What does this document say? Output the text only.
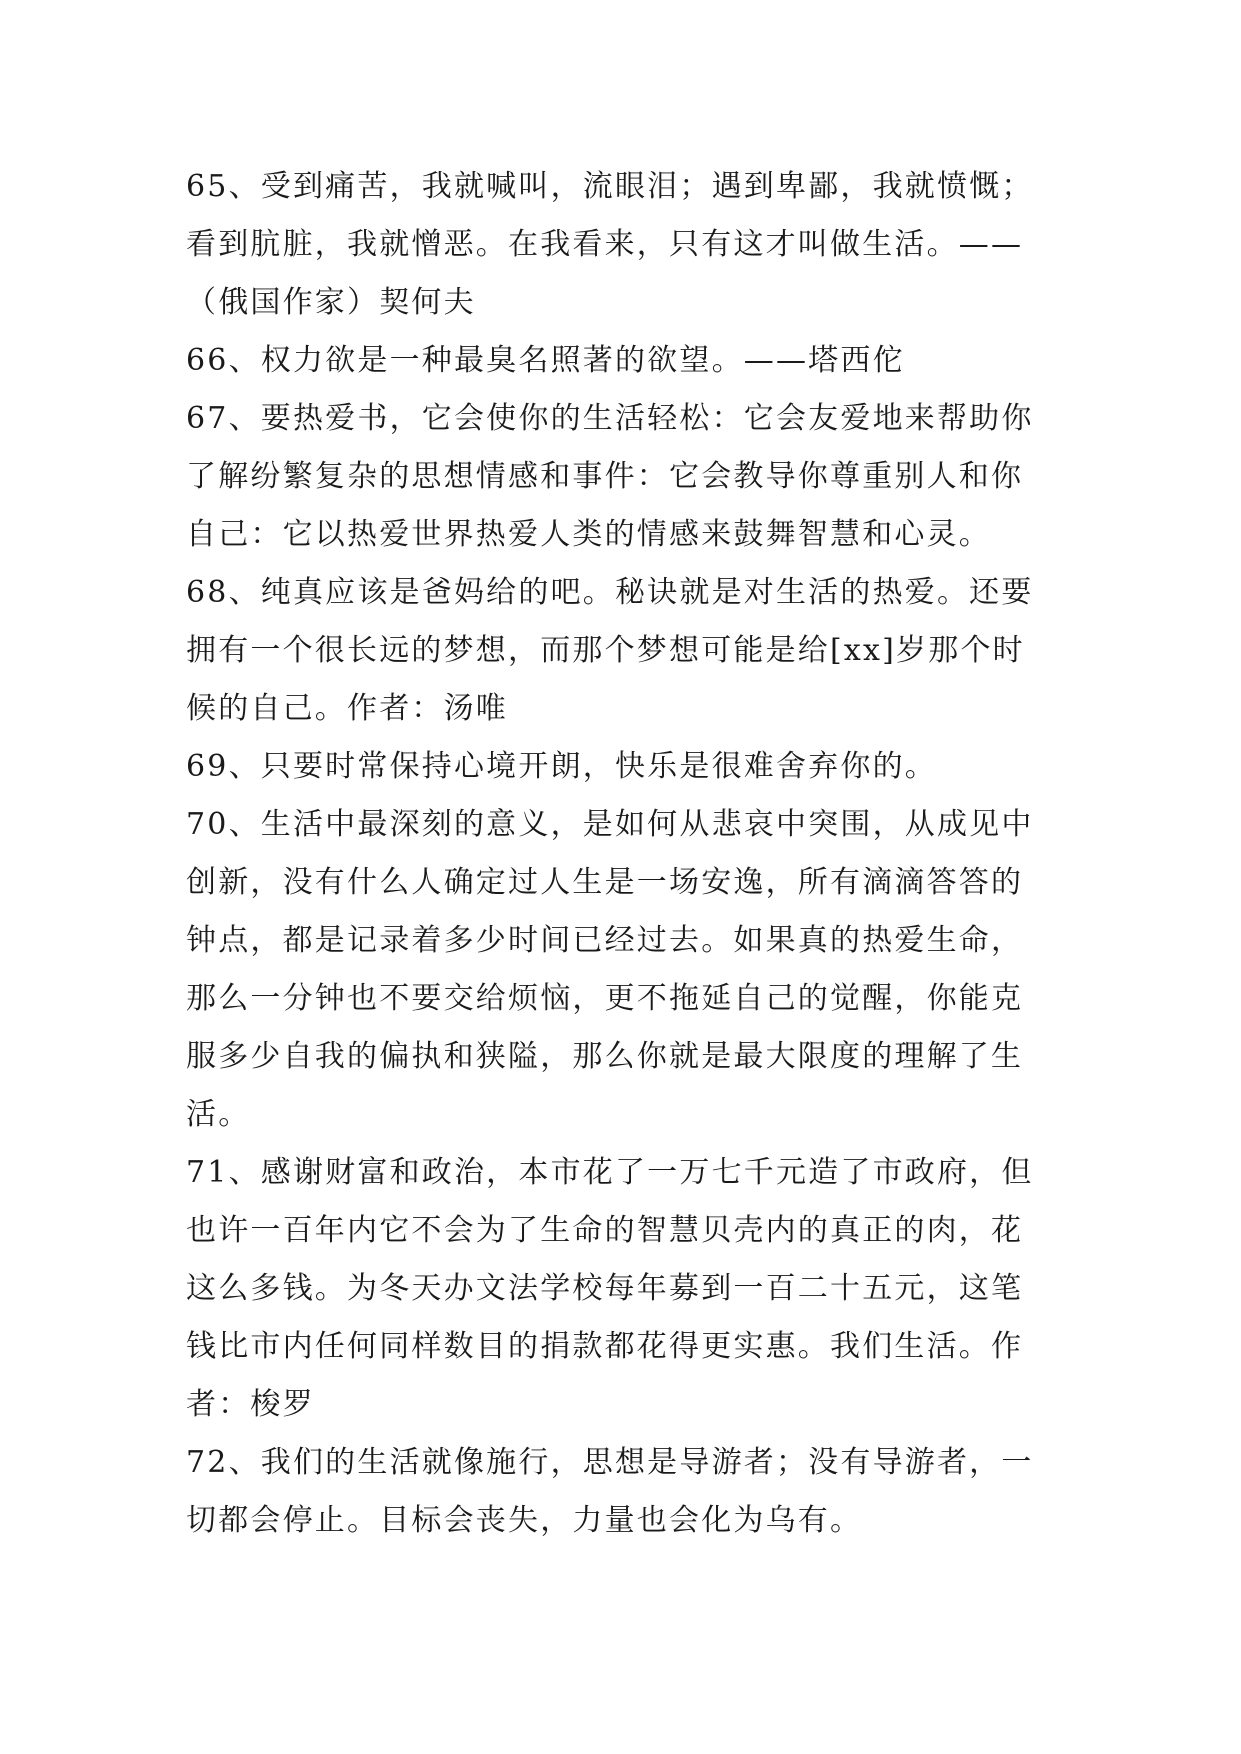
65、受到痛苦，我就喊叫，流眼泪；遇到卑鄙，我就愤慨；
看到肮脏，我就憎恶。在我看来，只有这才叫做生活。——
（俄国作家）契何夫
66、权力欲是一种最臭名照著的欲望。——塔西佗
67、要热爱书，它会使你的生活轻松：它会友爱地来帮助你
了解纷繁复杂的思想情感和事件：它会教导你尊重别人和你
自己：它以热爱世界热爱人类的情感来鼓舞智慧和心灵。
68、纯真应该是爸妈给的吧。秘诀就是对生活的热爱。还要
拥有一个很长远的梦想，而那个梦想可能是给[xx]岁那个时
候的自己。作者：汤唯
69、只要时常保持心境开朗，快乐是很难舍弃你的。
70、生活中最深刻的意义，是如何从悲哀中突围，从成见中
创新，没有什么人确定过人生是一场安逸，所有滴滴答答的
钟点，都是记录着多少时间已经过去。如果真的热爱生命，
那么一分钟也不要交给烦恼，更不拖延自己的觉醒，你能克
服多少自我的偏执和狭隘，那么你就是最大限度的理解了生
活。
71、感谢财富和政治，本市花了一万七千元造了市政府，但
也许一百年内它不会为了生命的智慧贝壳内的真正的肉，花
这么多钱。为冬天办文法学校每年募到一百二十五元，这笔
钱比市内任何同样数目的捐款都花得更实惠。我们生活。作
者：梭罗
72、我们的生活就像施行，思想是导游者；没有导游者，一
切都会停止。目标会丧失，力量也会化为乌有。
